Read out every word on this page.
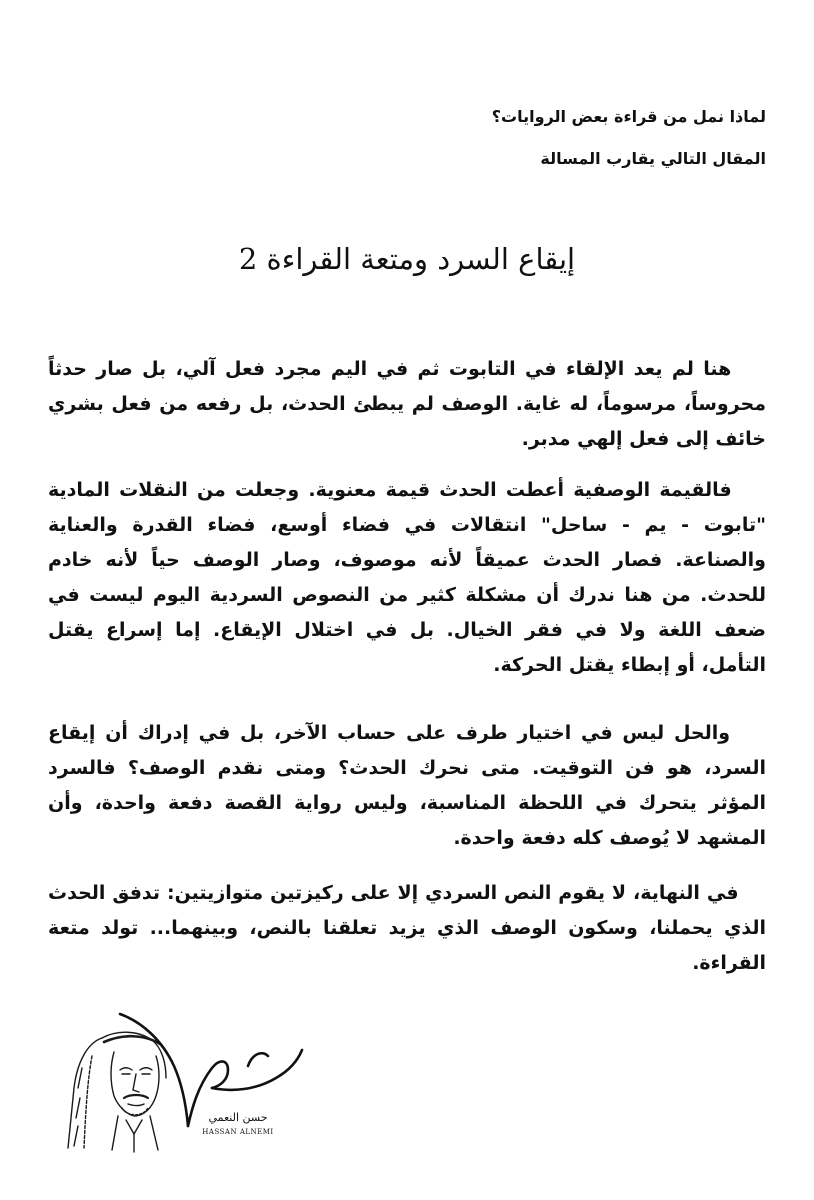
لماذا نمل من قراءة بعض الروايات؟
المقال التالي يقارب المسالة
إيقاع السرد ومتعة القراءة 2
هنا لم يعد الإلقاء في التابوت ثم في اليم مجرد فعل آلي، بل صار حدثاً محروساً، مرسوماً، له غاية. الوصف لم يبطئ الحدث، بل رفعه من فعل بشري خائف إلى فعل إلهي مدبر.
فالقيمة الوصفية أعطت الحدث قيمة معنوية. وجعلت من النقلات المادية "تابوت - يم - ساحل" انتقالات في فضاء أوسع، فضاء القدرة والعناية والصناعة. فصار الحدث عميقاً لأنه موصوف، وصار الوصف حياً لأنه خادم للحدث. من هنا ندرك أن مشكلة كثير من النصوص السردية اليوم ليست في ضعف اللغة ولا في فقر الخيال. بل في اختلال الإيقاع. إما إسراع يقتل التأمل، أو إبطاء يقتل الحركة.
والحل ليس في اختيار طرف على حساب الآخر، بل في إدراك أن إيقاع السرد، هو فن التوقيت. متى نحرك الحدث؟ ومتى نقدم الوصف؟ فالسرد المؤثر يتحرك في اللحظة المناسبة، وليس رواية القصة دفعة واحدة، وأن المشهد لا يُوصف كله دفعة واحدة.
في النهاية، لا يقوم النص السردي إلا على ركيزتين متوازيتين: تدفق الحدث الذي يحملنا، وسكون الوصف الذي يزيد تعلقنا بالنص، وبينهما... تولد متعة القراءة.
حسن النعمي
HASSAN ALNEMI
